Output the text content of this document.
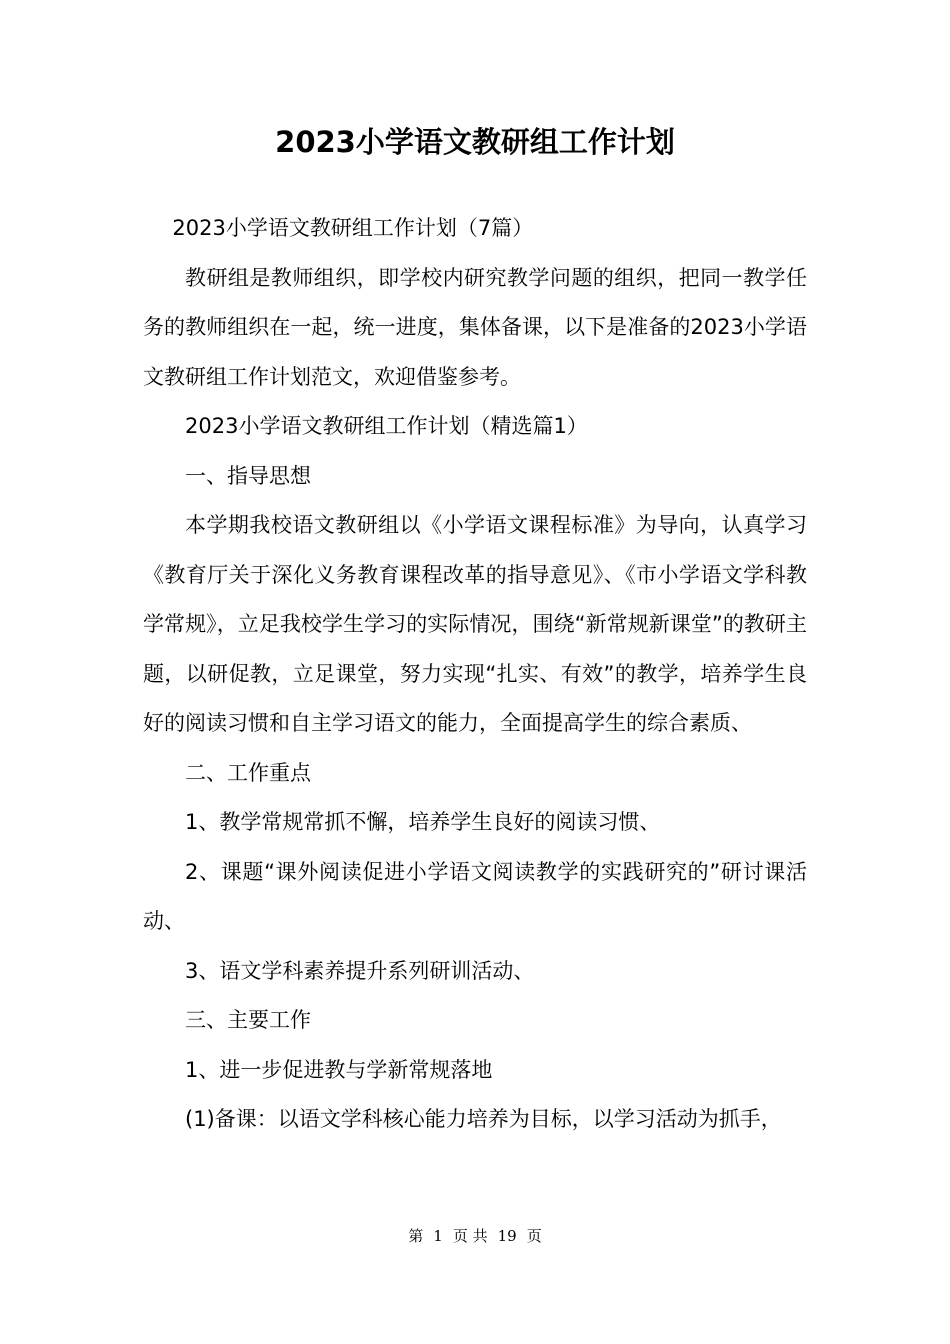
2023小学语文教研组工作计划

2023小学语文教研组工作计划（7篇）

教研组是教师组织，即学校内研究教学问题的组织，把同一教学任务的教师组织在一起，统一进度，集体备课，以下是准备的2023小学语文教研组工作计划范文，欢迎借鉴参考。

2023小学语文教研组工作计划（精选篇1）

一、指导思想

本学期我校语文教研组以《小学语文课程标准》为导向，认真学习《教育厅关于深化义务教育课程改革的指导意见》、《市小学语文学科教学常规》，立足我校学生学习的实际情况，围绕“新常规新课堂”的教研主题，以研促教，立足课堂，努力实现“扎实、有效”的教学，培养学生良好的阅读习惯和自主学习语文的能力，全面提高学生的综合素质、

二、工作重点

1、教学常规常抓不懈，培养学生良好的阅读习惯、

2、课题“课外阅读促进小学语文阅读教学的实践研究的”研讨课活动、

3、语文学科素养提升系列研训活动、

三、主要工作

1、进一步促进教与学新常规落地

(1)备课：以语文学科核心能力培养为目标，以学习活动为抓手，

第 1 页 共 19 页
